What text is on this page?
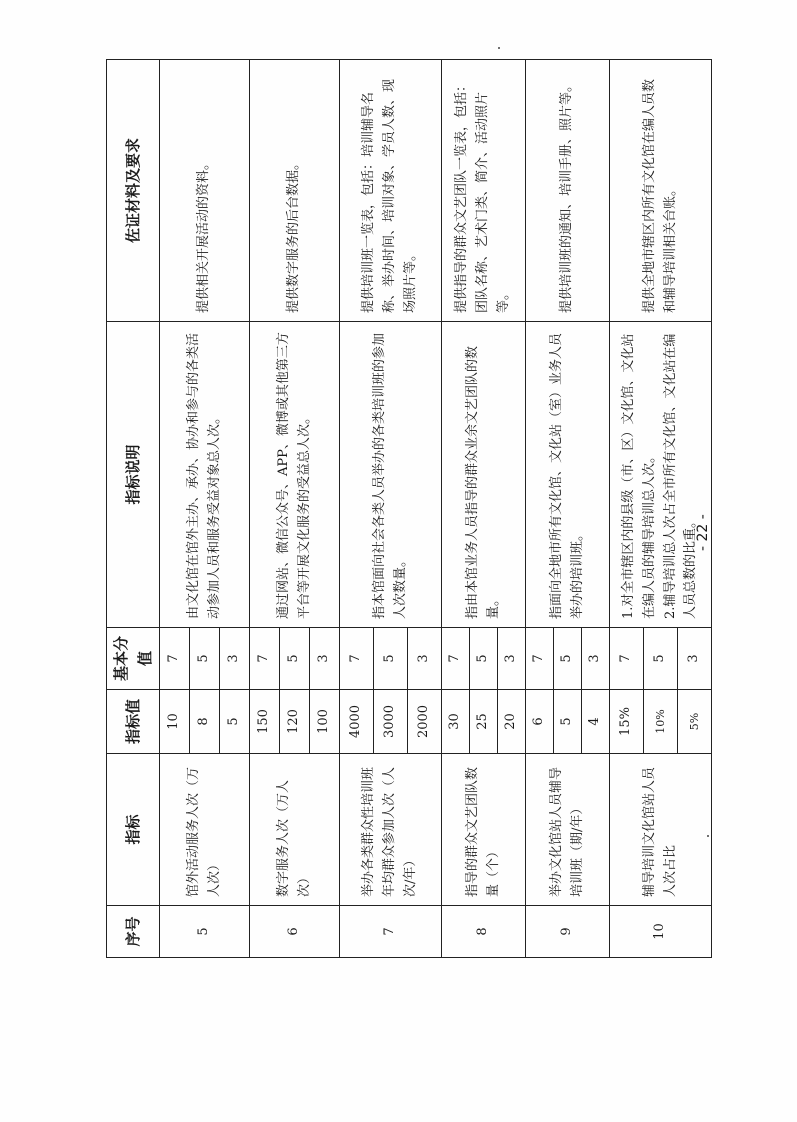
序号	指标	指标值	基本分值	指标说明	佐证材料及要求
5	馆外活动服务人次（万人次）	10	7	由文化馆在馆外主办、承办、协办和参与的各类活动参加人员和服务受益对象总人次。	提供相关开展活动的资料。
		8	5		
		5	3		
6	数字服务人次（万人次）	150	7	通过网站、微信公众号、APP、微博或其他第三方平台等开展文化服务的受益总人次。	提供数字服务的后台数据。
		120	5		
		100	3		
7	举办各类群众性培训班年均群众参加人次（人次/年）	4000	7	指本馆面向社会各类人员举办的各类培训班的参加人次数量。	提供培训班一览表，包括：培训辅导名称、举办时间、培训对象、学员人数、现场照片等。
		3000	5		
		2000	3		
8	指导的群众文艺团队数量（个）	30	7	指由本馆业务人员指导的群众业余文艺团队的数量。	提供指导的群众文艺团队一览表，包括：团队名称、艺术门类、简介、活动照片等。
		25	5		
		20	3		
9	举办文化馆站人员辅导培训班（期/年）	6	7	指面向全地市所有文化馆、文化站（室）业务人员举办的培训班。	提供培训班的通知、培训手册、照片等。
		5	5		
		4	3		
10	辅导培训文化馆站人员人次占比	15%	7	1.对全市辖区内的县级（市、区）文化馆、文化站在编人员的辅导培训总人次。 2.辅导培训总人次占全市所有文化馆、文化站在编人员总数的比重。	提供全地市辖区内所有文化馆在编人员数和辅导培训相关台账。
		10%	5		
		5%	3		
- 22 -
